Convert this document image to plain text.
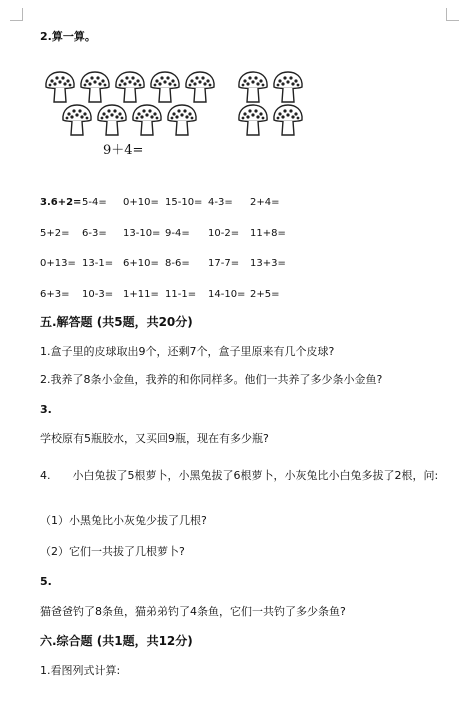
2.算一算。
9＋4=
3.6+2= 5-4= 0+10= 15-10= 4-3= 2+4=
5+2= 6-3= 13-10= 9-4= 10-2= 11+8=
0+13= 13-1= 6+10= 8-6= 17-7= 13+3=
6+3= 10-3= 1+11= 11-1= 14-10= 2+5=
五.解答题 (共5题，共20分)
1.盒子里的皮球取出9个，还剩7个，盒子里原来有几个皮球?
2.我养了8条小金鱼，我养的和你同样多。他们一共养了多少条小金鱼?
3.
学校原有5瓶胶水，又买回9瓶，现在有多少瓶?
4.　　小白兔拔了5根萝卜，小黑兔拔了6根萝卜，小灰兔比小白兔多拔了2根，问:
（1）小黑兔比小灰兔少拔了几根?
（2）它们一共拔了几根萝卜?
5.
猫爸爸钓了8条鱼，猫弟弟钓了4条鱼，它们一共钓了多少条鱼?
六.综合题 (共1题，共12分)
1.看图列式计算:
